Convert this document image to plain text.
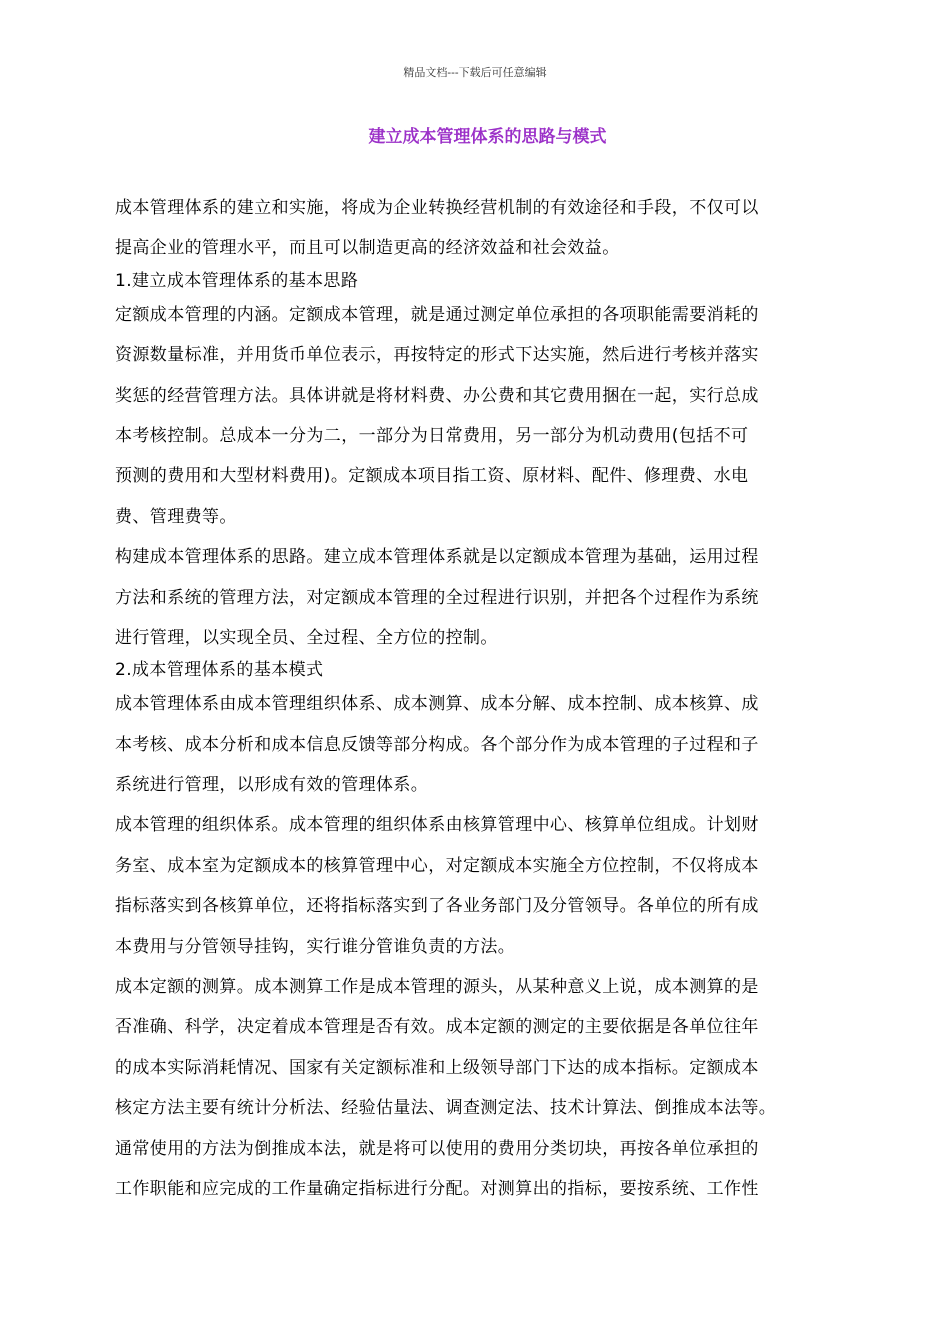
精品文档---下载后可任意编辑
建立成本管理体系的思路与模式
成本管理体系的建立和实施，将成为企业转换经营机制的有效途径和手段，不仅可以
提高企业的管理水平，而且可以制造更高的经济效益和社会效益。
1.建立成本管理体系的基本思路
定额成本管理的内涵。定额成本管理，就是通过测定单位承担的各项职能需要消耗的
资源数量标准，并用货币单位表示，再按特定的形式下达实施，然后进行考核并落实
奖惩的经营管理方法。具体讲就是将材料费、办公费和其它费用捆在一起，实行总成
本考核控制。总成本一分为二，一部分为日常费用，另一部分为机动费用(包括不可
预测的费用和大型材料费用)。定额成本项目指工资、原材料、配件、修理费、水电
费、管理费等。
构建成本管理体系的思路。建立成本管理体系就是以定额成本管理为基础，运用过程
方法和系统的管理方法，对定额成本管理的全过程进行识别，并把各个过程作为系统
进行管理，以实现全员、全过程、全方位的控制。
2.成本管理体系的基本模式
成本管理体系由成本管理组织体系、成本测算、成本分解、成本控制、成本核算、成
本考核、成本分析和成本信息反馈等部分构成。各个部分作为成本管理的子过程和子
系统进行管理，以形成有效的管理体系。
成本管理的组织体系。成本管理的组织体系由核算管理中心、核算单位组成。计划财
务室、成本室为定额成本的核算管理中心，对定额成本实施全方位控制，不仅将成本
指标落实到各核算单位，还将指标落实到了各业务部门及分管领导。各单位的所有成
本费用与分管领导挂钩，实行谁分管谁负责的方法。
成本定额的测算。成本测算工作是成本管理的源头，从某种意义上说，成本测算的是
否准确、科学，决定着成本管理是否有效。成本定额的测定的主要依据是各单位往年
的成本实际消耗情况、国家有关定额标准和上级领导部门下达的成本指标。定额成本
核定方法主要有统计分析法、经验估量法、调查测定法、技术计算法、倒推成本法等。
通常使用的方法为倒推成本法，就是将可以使用的费用分类切块，再按各单位承担的
工作职能和应完成的工作量确定指标进行分配。对测算出的指标，要按系统、工作性
